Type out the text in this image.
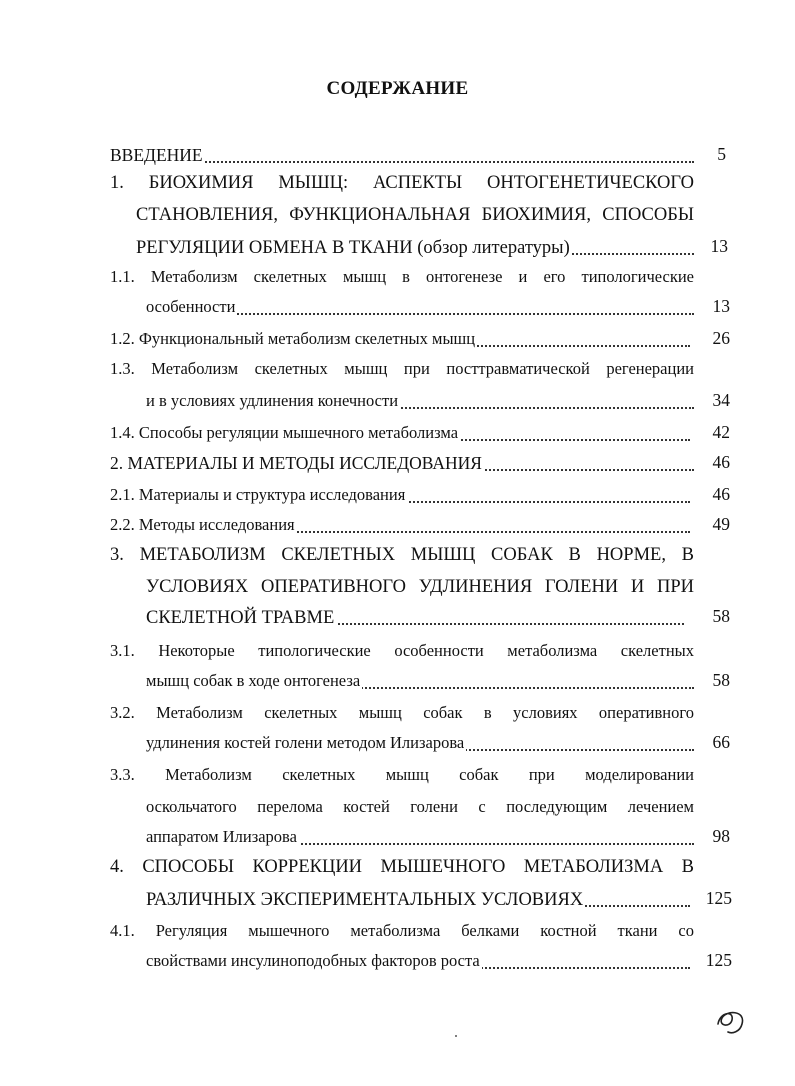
СОДЕРЖАНИЕ
ВВЕДЕНИЕ	5
1. БИОХИМИЯ МЫШЦ: АСПЕКТЫ ОНТОГЕНЕТИЧЕСКОГО
СТАНОВЛЕНИЯ, ФУНКЦИОНАЛЬНАЯ БИОХИМИЯ, СПОСОБЫ
РЕГУЛЯЦИИ ОБМЕНА В ТКАНИ (обзор литературы)	13
1.1. Метаболизм скелетных мышц в онтогенезе и его типологические
особенности	13
1.2. Функциональный метаболизм скелетных мышц	26
1.3. Метаболизм скелетных мышц при посттравматической регенерации
и в условиях удлинения конечности	34
1.4. Способы регуляции мышечного метаболизма	42
2. МАТЕРИАЛЫ И МЕТОДЫ ИССЛЕДОВАНИЯ	46
2.1. Материалы и структура исследования	46
2.2. Методы исследования	49
3. МЕТАБОЛИЗМ СКЕЛЕТНЫХ МЫШЦ СОБАК В НОРМЕ, В
УСЛОВИЯХ ОПЕРАТИВНОГО УДЛИНЕНИЯ ГОЛЕНИ И ПРИ
СКЕЛЕТНОЙ ТРАВМЕ	58
3.1. Некоторые типологические особенности метаболизма скелетных
мышц собак в ходе онтогенеза	58
3.2. Метаболизм скелетных мышц собак в условиях оперативного
удлинения костей голени методом Илизарова	66
3.3. Метаболизм скелетных мышц собак при моделировании
оскольчатого перелома костей голени с последующим лечением
аппаратом Илизарова	98
4. СПОСОБЫ КОРРЕКЦИИ МЫШЕЧНОГО МЕТАБОЛИЗМА В
РАЗЛИЧНЫХ ЭКСПЕРИМЕНТАЛЬНЫХ УСЛОВИЯХ	125
4.1. Регуляция мышечного метаболизма белками костной ткани со
свойствами инсулиноподобных факторов роста	125
